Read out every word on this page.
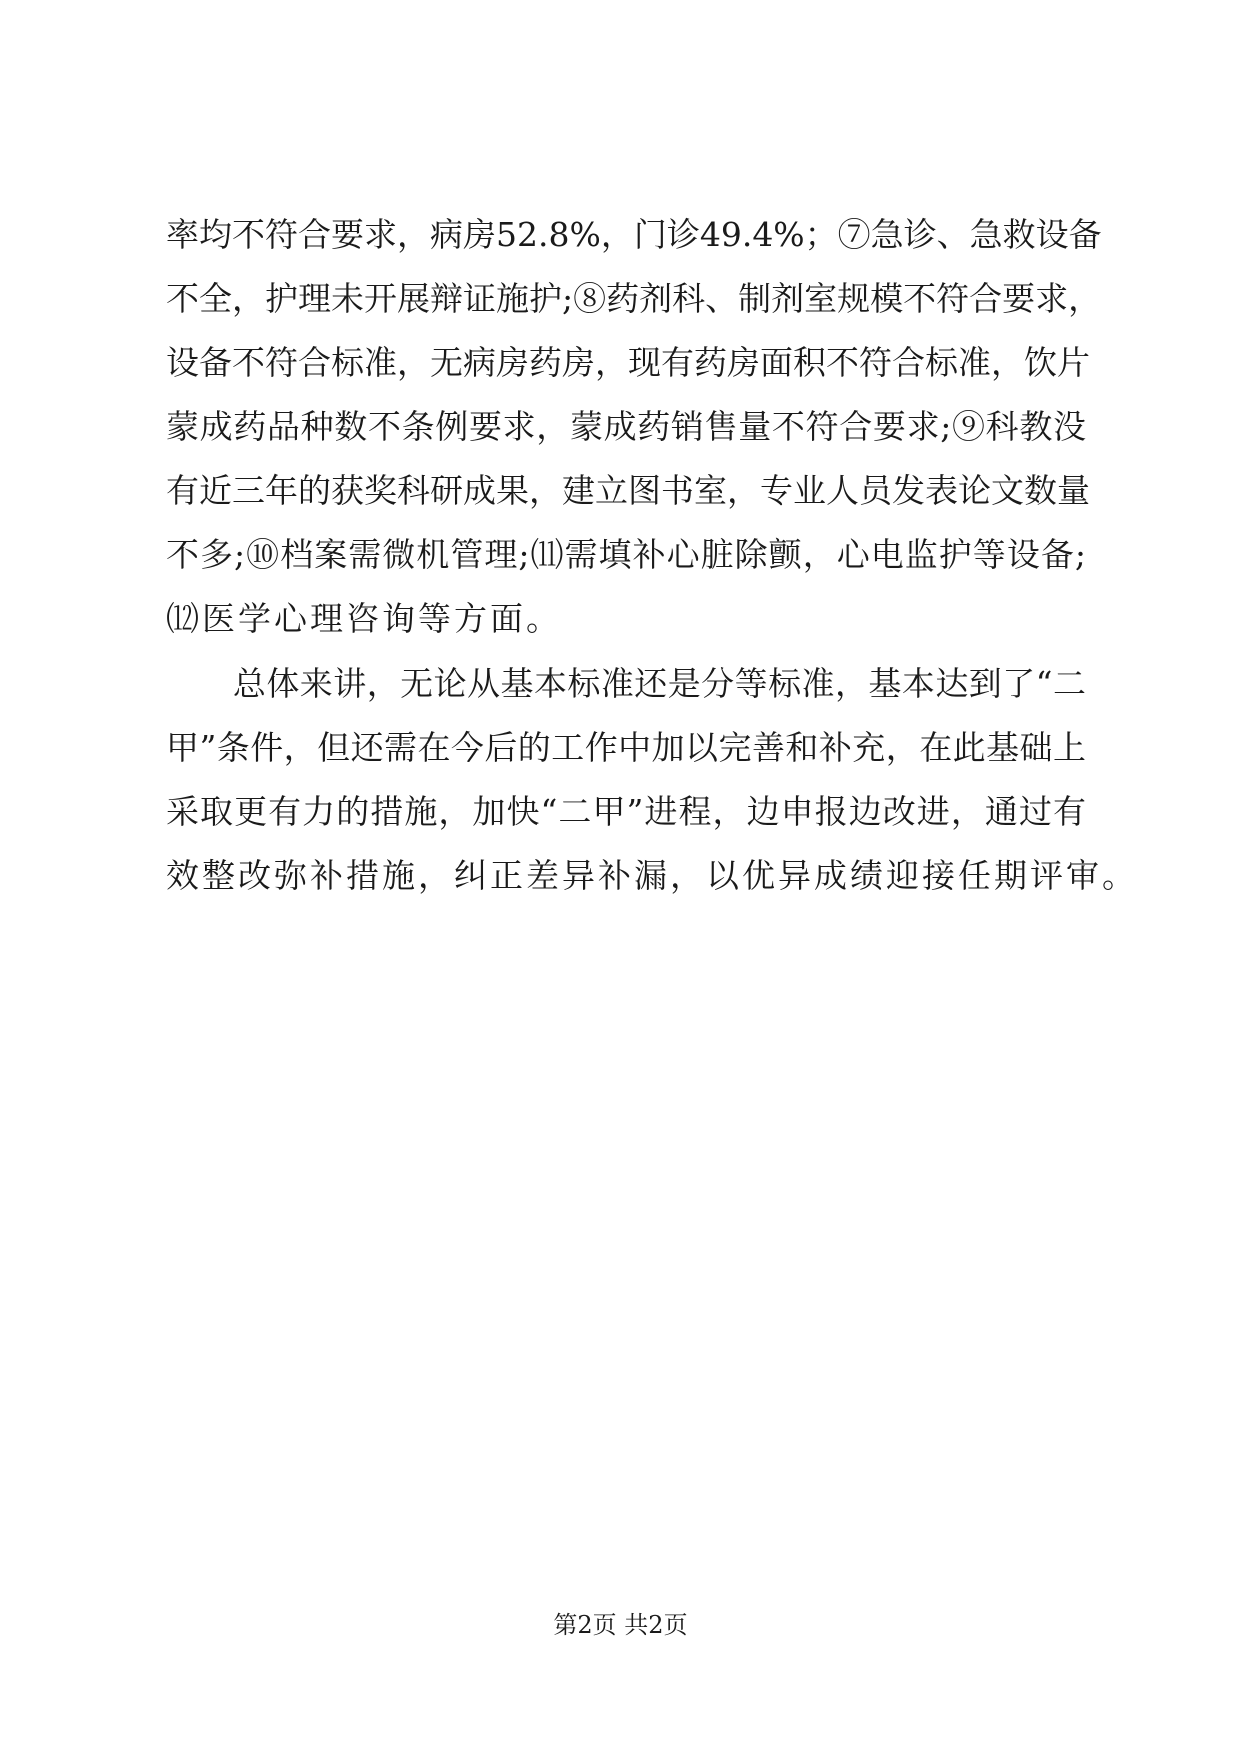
率均不符合要求，病房52.8%，门诊49.4%；⑦急诊、急救设备
不全，护理未开展辩证施护;⑧药剂科、制剂室规模不符合要求，
设备不符合标准，无病房药房，现有药房面积不符合标准，饮片
蒙成药品种数不条例要求，蒙成药销售量不符合要求;⑨科教没
有近三年的获奖科研成果，建立图书室，专业人员发表论文数量
不多;⑩档案需微机管理;⑾需填补心脏除颤，心电监护等设备;
⑿医学心理咨询等方面。
　　总体来讲，无论从基本标准还是分等标准，基本达到了“二
甲”条件，但还需在今后的工作中加以完善和补充，在此基础上
采取更有力的措施，加快“二甲”进程，边申报边改进，通过有
效整改弥补措施，纠正差异补漏，以优异成绩迎接任期评审。
第2页 共2页
